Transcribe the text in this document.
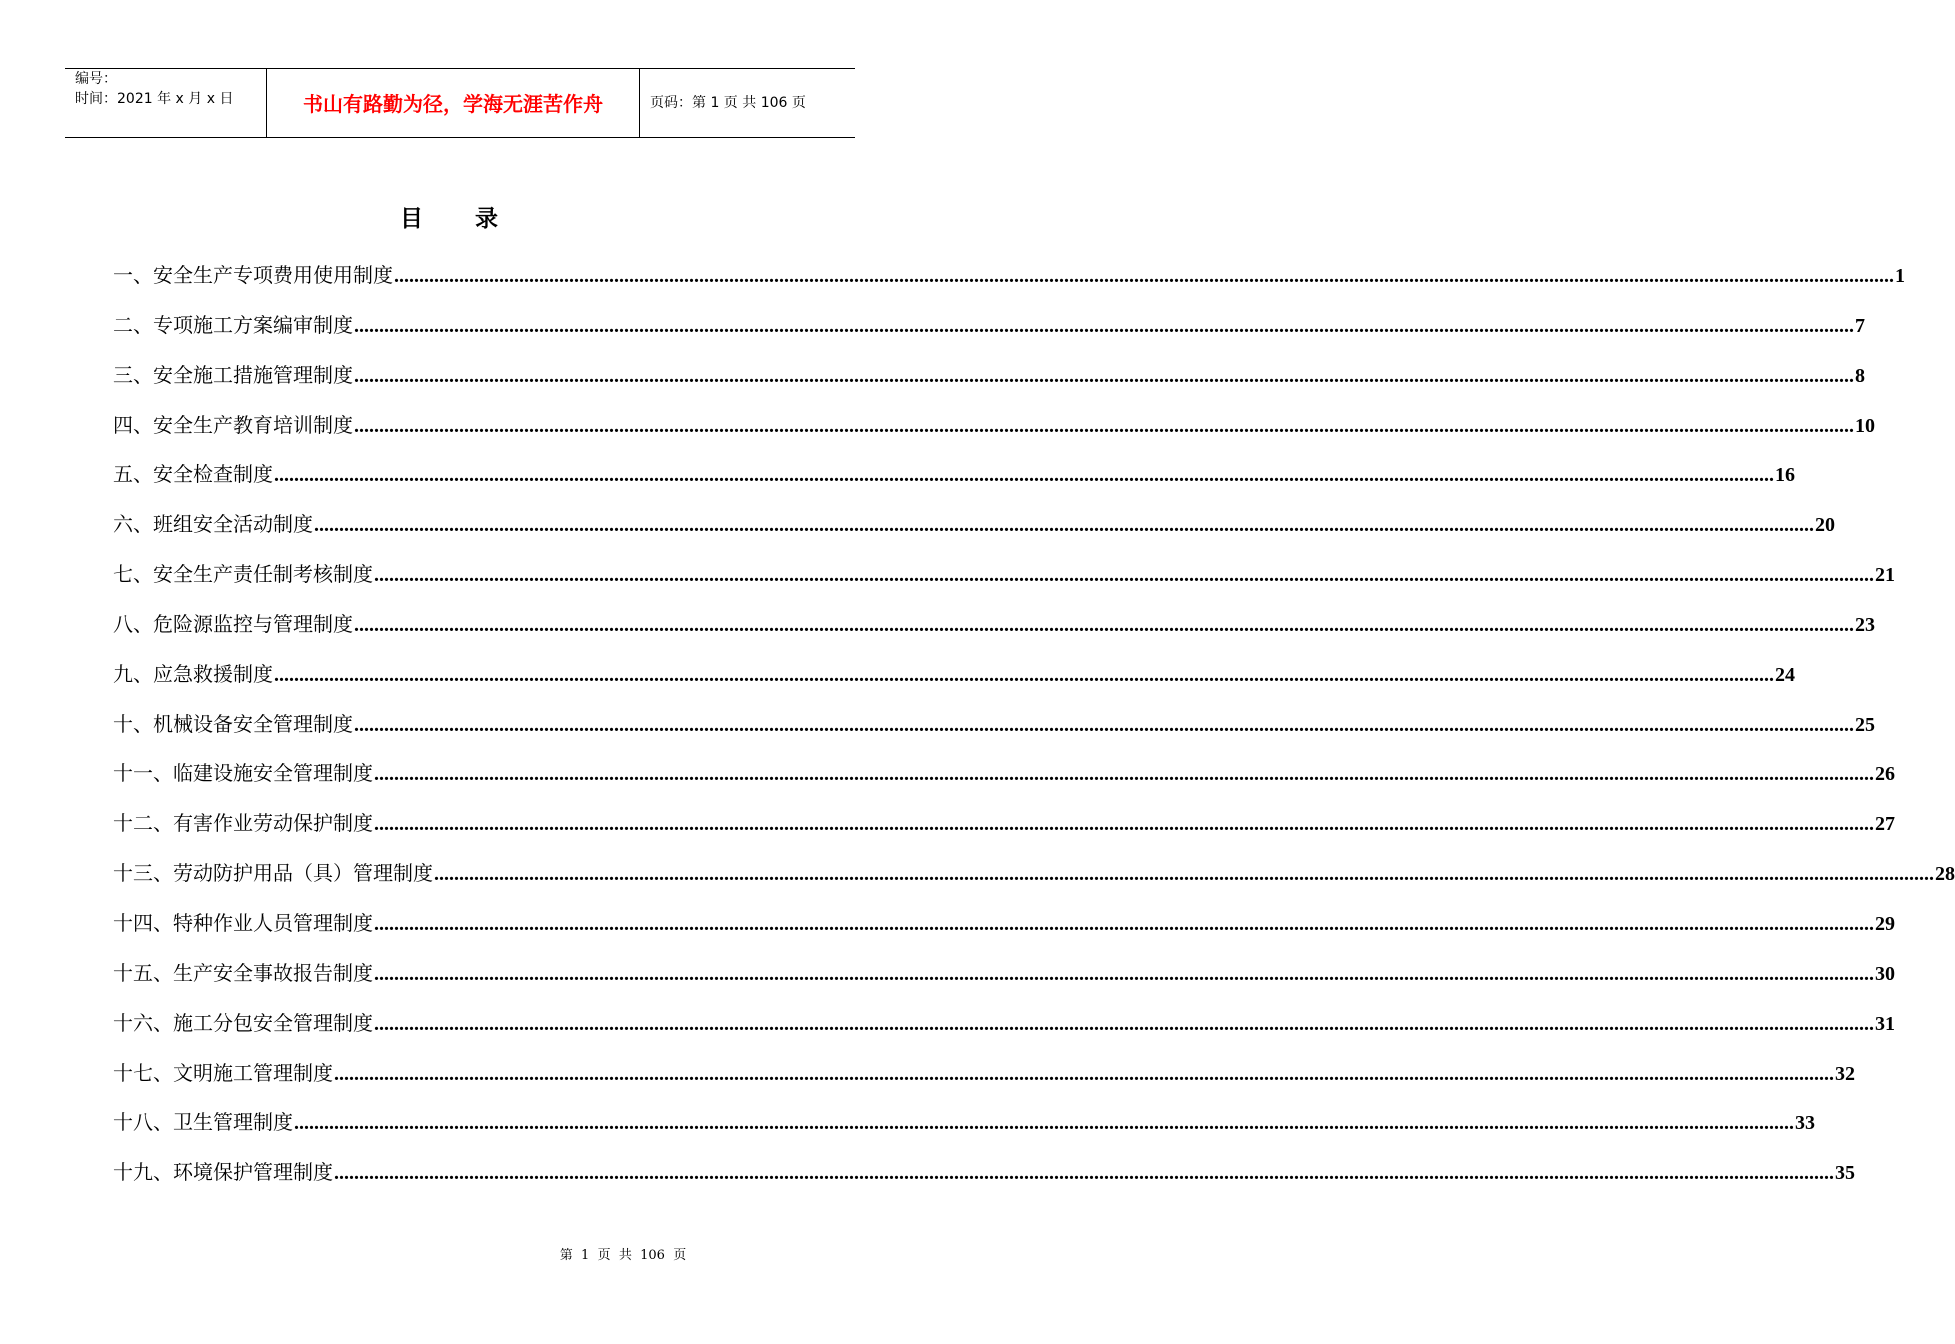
编号：
时间：2021 年 x 月 x 日	书山有路勤为径，学海无涯苦作舟	页码：第 1 页 共 106 页
目 录
一、安全生产专项费用使用制度 ............................................................................................................................................................................................................................................................................................................ 1
二、专项施工方案编审制度 ............................................................................................................................................................................................................................................................................................................ 7
三、安全施工措施管理制度 ............................................................................................................................................................................................................................................................................................................ 8
四、安全生产教育培训制度 ............................................................................................................................................................................................................................................................................................................ 10
五、安全检查制度 ............................................................................................................................................................................................................................................................................................................ 16
六、班组安全活动制度 ............................................................................................................................................................................................................................................................................................................ 20
七、安全生产责任制考核制度 ............................................................................................................................................................................................................................................................................................................ 21
八、危险源监控与管理制度 ............................................................................................................................................................................................................................................................................................................ 23
九、应急救援制度 ............................................................................................................................................................................................................................................................................................................ 24
十、机械设备安全管理制度 ............................................................................................................................................................................................................................................................................................................ 25
十一、临建设施安全管理制度 ............................................................................................................................................................................................................................................................................................................ 26
十二、有害作业劳动保护制度 ............................................................................................................................................................................................................................................................................................................ 27
十三、劳动防护用品（具）管理制度 ............................................................................................................................................................................................................................................................................................................ 28
十四、特种作业人员管理制度 ............................................................................................................................................................................................................................................................................................................ 29
十五、生产安全事故报告制度 ............................................................................................................................................................................................................................................................................................................ 30
十六、施工分包安全管理制度 ............................................................................................................................................................................................................................................................................................................ 31
十七、文明施工管理制度 ............................................................................................................................................................................................................................................................................................................ 32
十八、卫生管理制度 ............................................................................................................................................................................................................................................................................................................ 33
十九、环境保护管理制度 ............................................................................................................................................................................................................................................................................................................ 35
第  1  页  共  106  页
